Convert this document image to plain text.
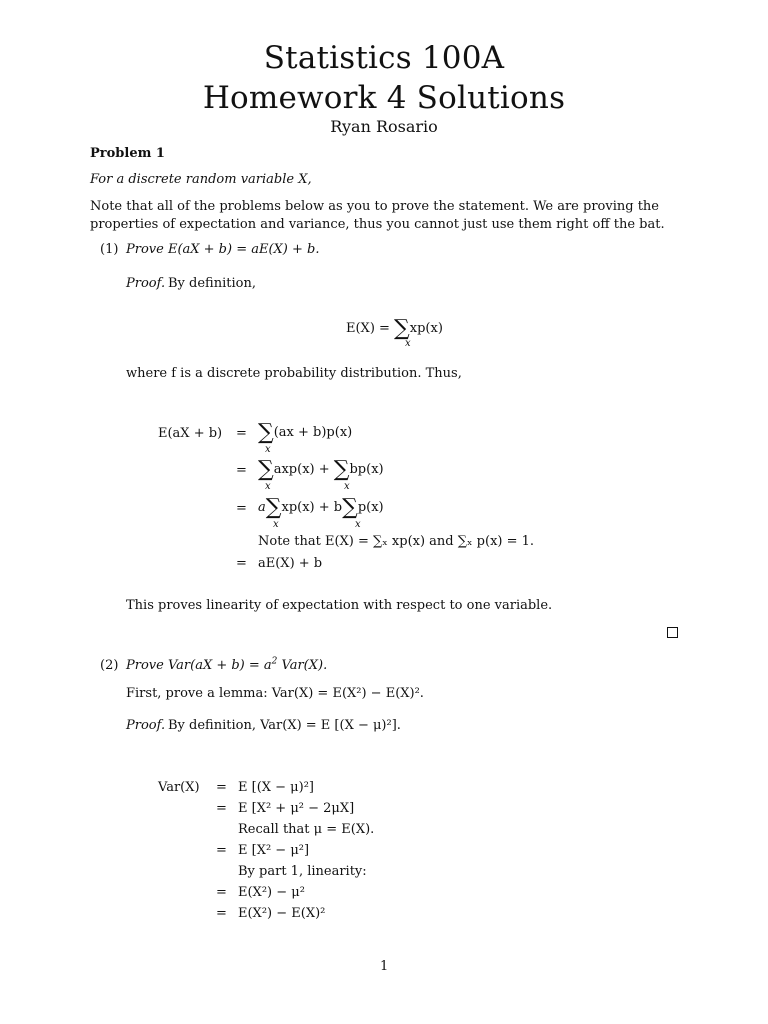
Statistics 100A
Homework 4 Solutions
Ryan Rosario
Problem 1
For a discrete random variable X,
Note that all of the problems below as you to prove the statement. We are proving the properties of expectation and variance, thus you cannot just use them right off the bat.
(1) Prove E(aX + b) = aE(X) + b.
Proof. By definition,
E(X) = ∑xp(x)
x
where f is a discrete probability distribution. Thus,
E(aX + b) = ∑(ax + b)p(x)
x
= ∑axp(x) + ∑bp(x)
x	x
= a∑xp(x) + b∑p(x)
x	x
Note that E(X) = ∑ₓ xp(x) and ∑ₓ p(x) = 1.
= aE(X) + b
This proves linearity of expectation with respect to one variable.
(2) Prove $Var(aX + b) = a^2$ Var(X).
First, prove a lemma: Var(X) = E(X²) − E(X)².
Proof. By definition, Var(X) = E [(X − μ)²].
Var(X) = E [(X − μ)²]
= E [X² + μ² − 2μX]
Recall that μ = E(X).
= E [X² − μ²]
By part 1, linearity:
= E(X²) − μ²
= E(X²) − E(X)²
1
